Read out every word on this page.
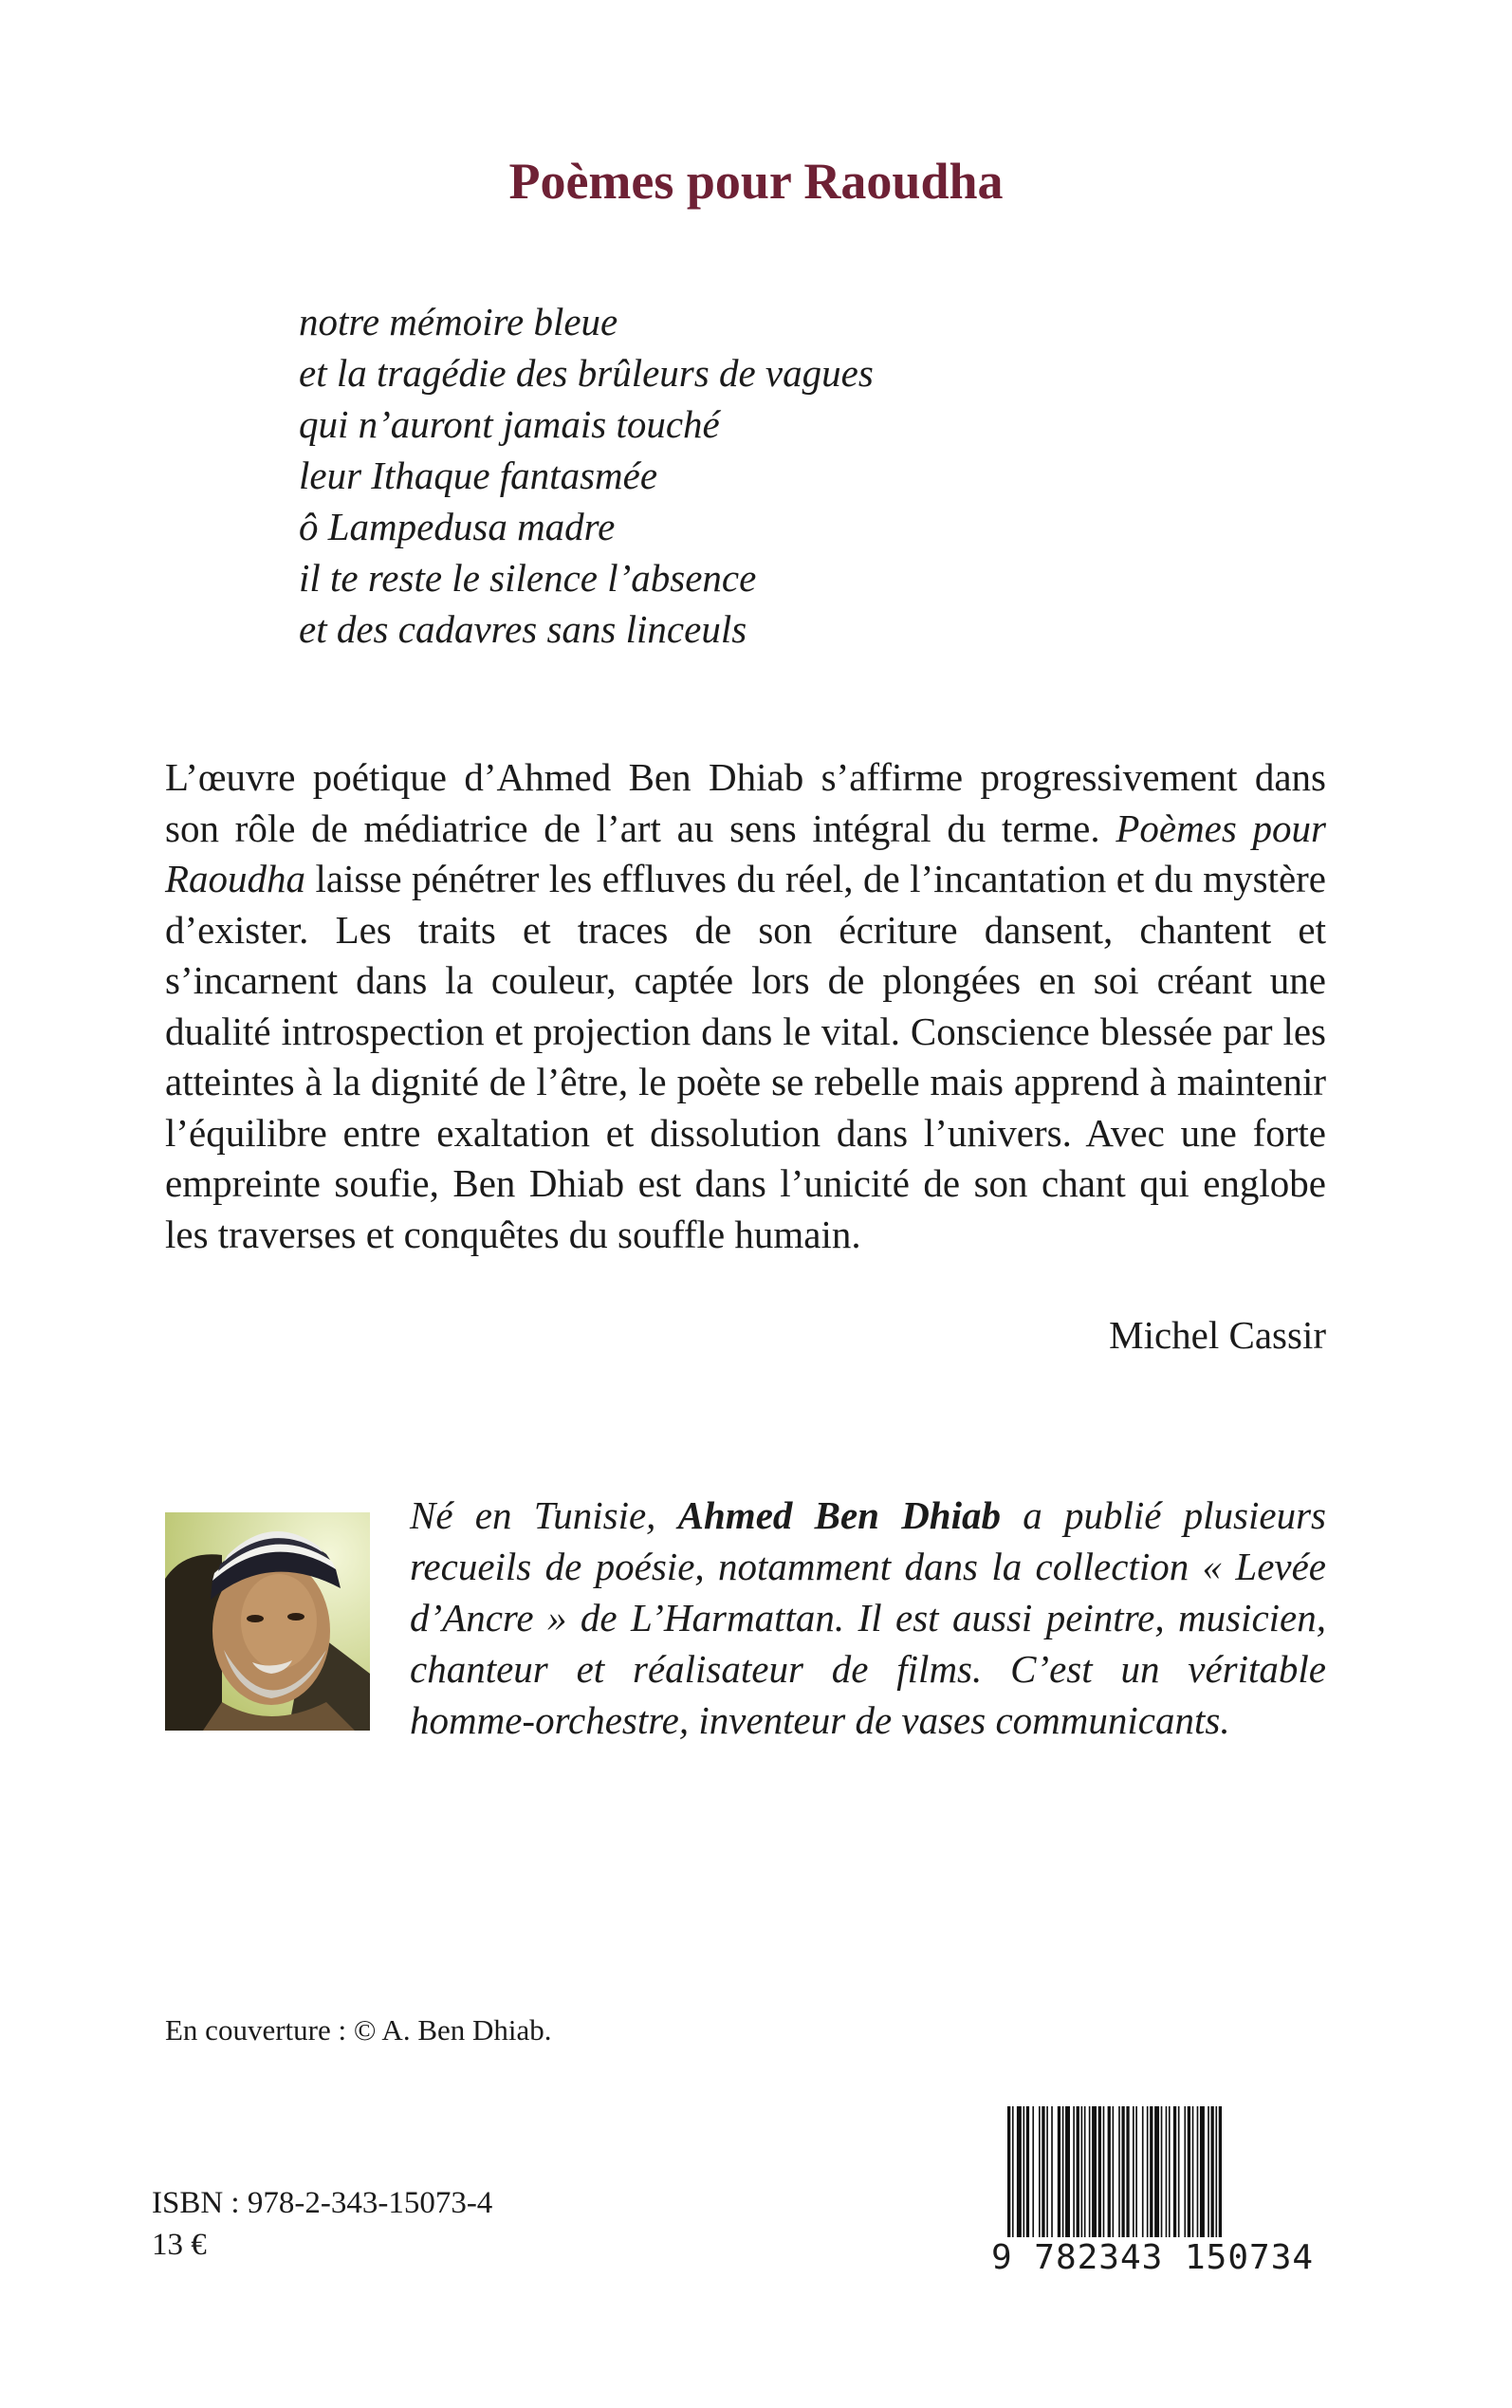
Poèmes pour Raoudha
notre mémoire bleue
et la tragédie des brûleurs de vagues
qui n’auront jamais touché
leur Ithaque fantasmée
ô Lampedusa madre
il te reste le silence l’absence
et des cadavres sans linceuls

L’œuvre poétique d’Ahmed Ben Dhiab s’affirme progressivement dans son rôle de médiatrice de l’art au sens intégral du terme. Poèmes pour Raoudha laisse pénétrer les effluves du réel, de l’incantation et du mystère d’exister. Les traits et traces de son écriture dansent, chantent et s’incarnent dans la couleur, captée lors de plongées en soi créant une dualité introspection et projection dans le vital. Conscience blessée par les atteintes à la dignité de l’être, le poète se rebelle mais apprend à maintenir l’équilibre entre exaltation et dissolution dans l’univers. Avec une forte empreinte soufie, Ben Dhiab est dans l’unicité de son chant qui englobe les traverses et conquêtes du souffle humain.

Michel Cassir

Né en Tunisie, Ahmed Ben Dhiab a publié plusieurs recueils de poésie, notamment dans la collection « Levée d’Ancre » de L’Harmattan. Il est aussi peintre, musicien, chanteur et réalisateur de films. C’est un véritable homme-orchestre, inventeur de vases communicants.

En couverture : © A. Ben Dhiab.
ISBN : 978-2-343-15073-4
13 €	9 782343 150734
